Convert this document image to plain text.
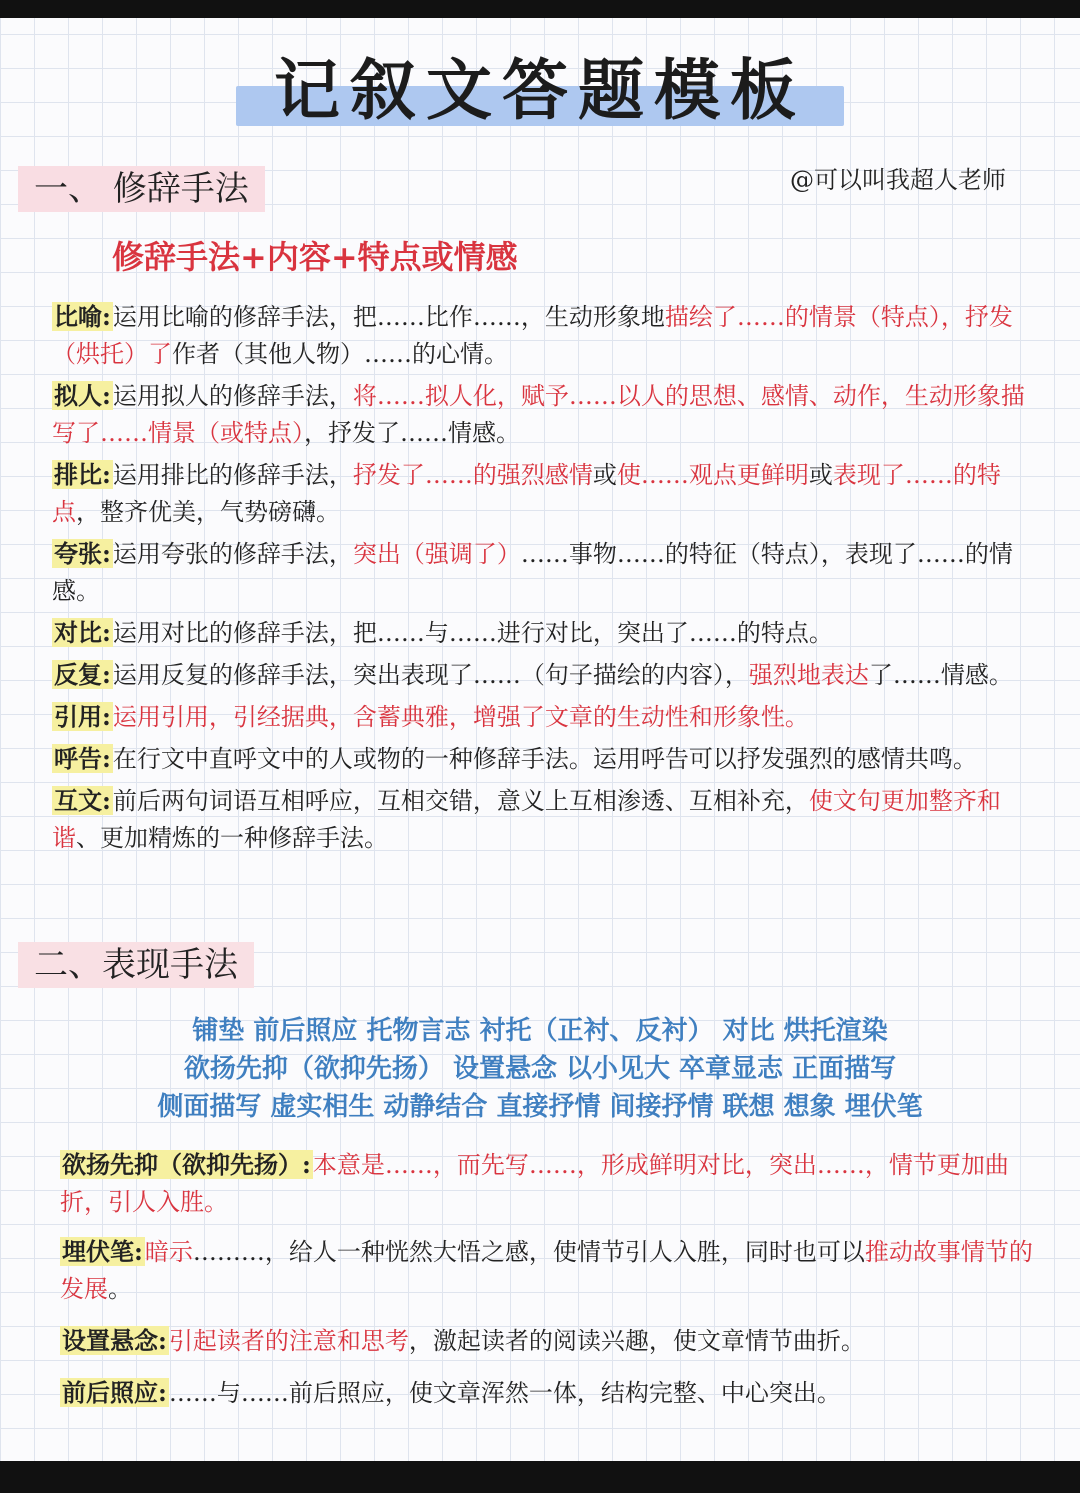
记叙文答题模板
@可以叫我超人老师
一、 修辞手法
修辞手法+内容+特点或情感
比喻:运用比喻的修辞手法，把……比作……，生动形象地描绘了……的情景（特点），抒发（烘托）了作者（其他人物）……的心情。
拟人:运用拟人的修辞手法，将……拟人化，赋予……以人的思想、感情、动作，生动形象描写了……情景（或特点），抒发了……情感。
排比:运用排比的修辞手法，抒发了……的强烈感情或使……观点更鲜明或表现了……的特点，整齐优美，气势磅礴。
夸张:运用夸张的修辞手法，突出（强调了）……事物……的特征（特点），表现了……的情感。
对比:运用对比的修辞手法，把……与……进行对比，突出了……的特点。
反复:运用反复的修辞手法，突出表现了……（句子描绘的内容），强烈地表达了……情感。
引用:运用引用，引经据典，含蓄典雅，增强了文章的生动性和形象性。
呼告:在行文中直呼文中的人或物的一种修辞手法。运用呼告可以抒发强烈的感情共鸣。
互文:前后两句词语互相呼应，互相交错，意义上互相渗透、互相补充，使文句更加整齐和谐、更加精炼的一种修辞手法。
二、表现手法
铺垫 前后照应 托物言志 衬托（正衬、反衬） 对比 烘托渲染
欲扬先抑（欲抑先扬） 设置悬念 以小见大 卒章显志 正面描写
侧面描写 虚实相生 动静结合 直接抒情 间接抒情 联想 想象 埋伏笔
欲扬先抑（欲抑先扬）:本意是……，而先写……，形成鲜明对比，突出……，情节更加曲折，引人入胜。
埋伏笔:暗示………，给人一种恍然大悟之感，使情节引人入胜，同时也可以推动故事情节的发展。
设置悬念:引起读者的注意和思考，激起读者的阅读兴趣，使文章情节曲折。
前后照应:……与……前后照应，使文章浑然一体，结构完整、中心突出。
